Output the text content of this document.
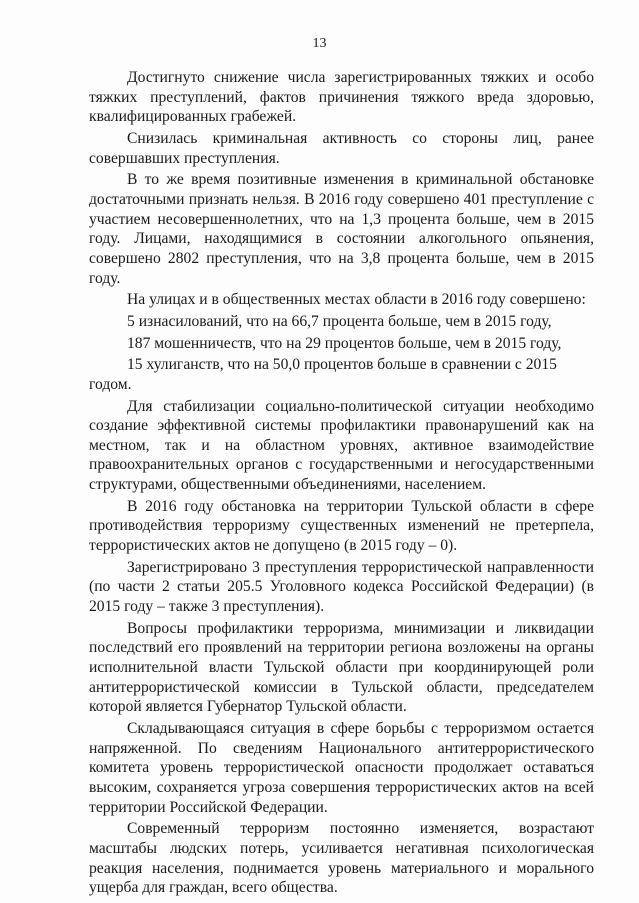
13

Достигнуто снижение числа зарегистрированных тяжких и особо тяжких преступлений, фактов причинения тяжкого вреда здоровью, квалифицированных грабежей.

Снизилась криминальная активность со стороны лиц, ранее совершавших преступления.

В то же время позитивные изменения в криминальной обстановке достаточными признать нельзя. В 2016 году совершено 401 преступление с участием несовершеннолетних, что на 1,3 процента больше, чем в 2015 году. Лицами, находящимися в состоянии алкогольного опьянения, совершено 2802 преступления, что на 3,8 процента больше, чем в 2015 году.

На улицах и в общественных местах области в 2016 году совершено:

5 изнасилований, что на 66,7 процента больше, чем в 2015 году,

187 мошенничеств, что на 29 процентов больше, чем в 2015 году,

15 хулиганств, что на 50,0 процентов больше в сравнении с 2015 годом.

Для стабилизации социально-политической ситуации необходимо создание эффективной системы профилактики правонарушений как на местном, так и на областном уровнях, активное взаимодействие правоохранительных органов с государственными и негосударственными структурами, общественными объединениями, населением.

В 2016 году обстановка на территории Тульской области в сфере противодействия терроризму существенных изменений не претерпела, террористических актов не допущено (в 2015 году – 0).

Зарегистрировано 3 преступления террористической направленности (по части 2 статьи 205.5 Уголовного кодекса Российской Федерации) (в 2015 году – также 3 преступления).

Вопросы профилактики терроризма, минимизации и ликвидации последствий его проявлений на территории региона возложены на органы исполнительной власти Тульской области при координирующей роли антитеррористической комиссии в Тульской области, председателем которой является Губернатор Тульской области.

Складывающаяся ситуация в сфере борьбы с терроризмом остается напряженной. По сведениям Национального антитеррористического комитета уровень террористической опасности продолжает оставаться высоким, сохраняется угроза совершения террористических актов на всей территории Российской Федерации.

Современный терроризм постоянно изменяется, возрастают масштабы людских потерь, усиливается негативная психологическая реакция населения, поднимается уровень материального и морального ущерба для граждан, всего общества.
